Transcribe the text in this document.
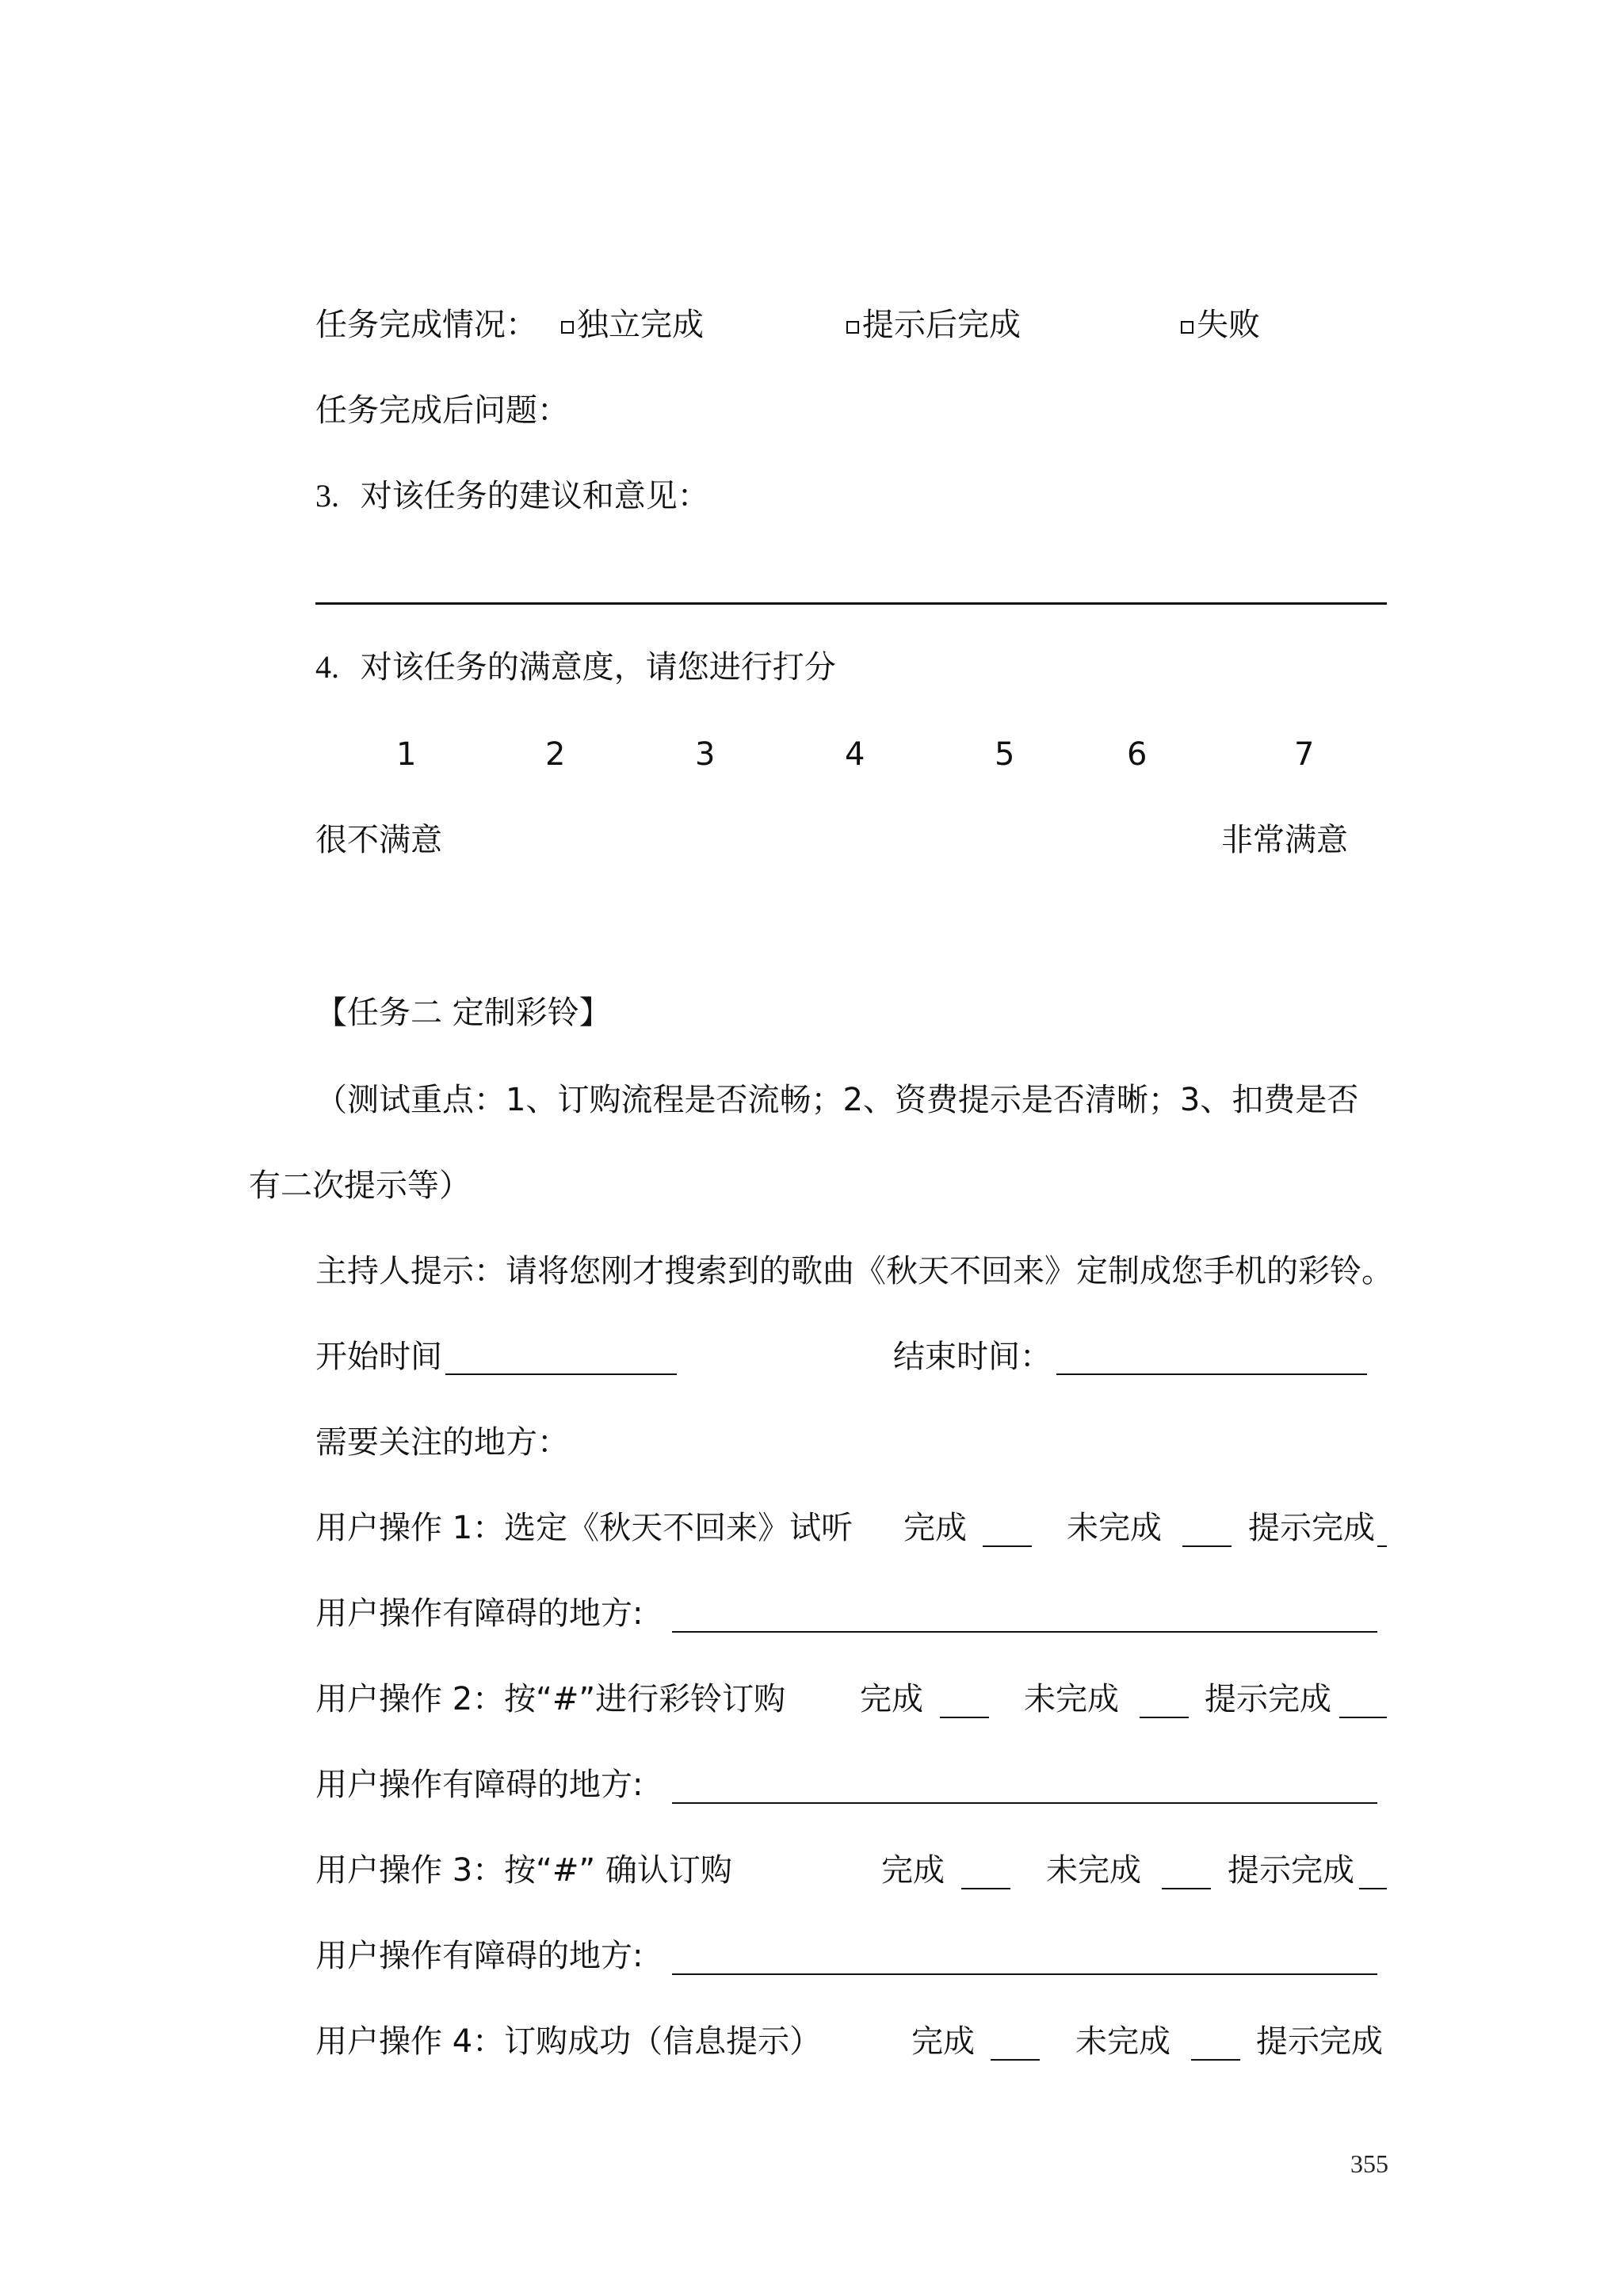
任务完成情况：	独立完成	提示后完成	失败
任务完成后问题：
3. 对该任务的建议和意见：
4. 对该任务的满意度，请您进行打分
1	2	3	4	5	6	7
很不满意	非常满意
【任务二 定制彩铃】
（测试重点：1、订购流程是否流畅；2、资费提示是否清晰；3、扣费是否
有二次提示等）
主持人提示：请将您刚才搜索到的歌曲《秋天不回来》定制成您手机的彩铃。
开始时间	结束时间：
需要关注的地方：
用户操作 1：选定《秋天不回来》试听 完成	未完成	提示完成
用户操作有障碍的地方:
用户操作 2：按“#”进行彩铃订购 完成	未完成	提示完成
用户操作有障碍的地方:
用户操作 3：按“#” 确认订购	完成	未完成	提示完成
用户操作有障碍的地方:
用户操作 4：订购成功（信息提示）	完成	未完成	提示完成
355
